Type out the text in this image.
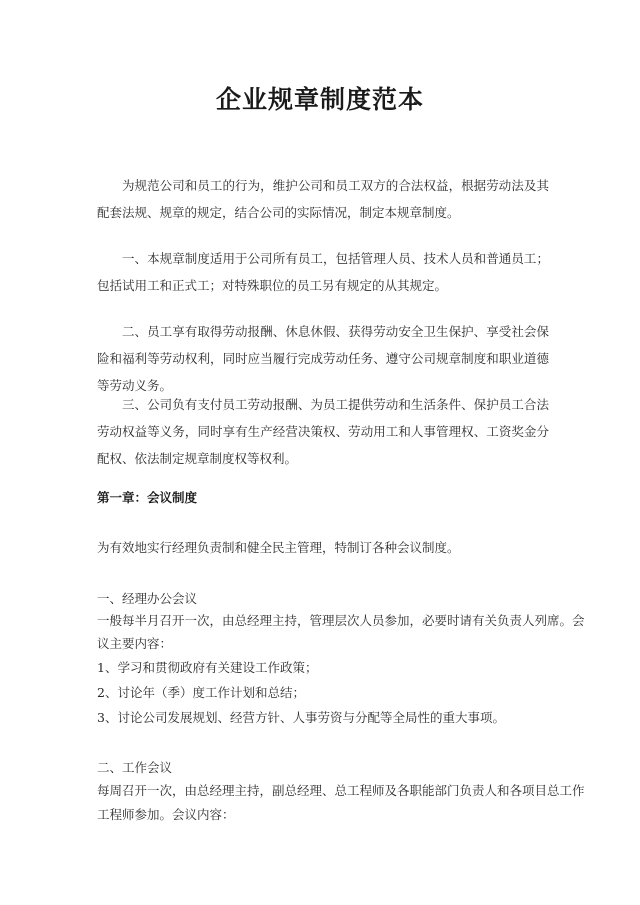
企业规章制度范本
为规范公司和员工的行为，维护公司和员工双方的合法权益，根据劳动法及其配套法规、规章的规定，结合公司的实际情况，制定本规章制度。
一、本规章制度适用于公司所有员工，包括管理人员、技术人员和普通员工；包括试用工和正式工；对特殊职位的员工另有规定的从其规定。
二、员工享有取得劳动报酬、休息休假、获得劳动安全卫生保护、享受社会保险和福利等劳动权利，同时应当履行完成劳动任务、遵守公司规章制度和职业道德等劳动义务。
三、公司负有支付员工劳动报酬、为员工提供劳动和生活条件、保护员工合法劳动权益等义务，同时享有生产经营决策权、劳动用工和人事管理权、工资奖金分配权、依法制定规章制度权等权利。
第一章：会议制度
为有效地实行经理负责制和健全民主管理，特制订各种会议制度。
一、经理办公会议
一般每半月召开一次，由总经理主持，管理层次人员参加，必要时请有关负责人列席。会
议主要内容：
1、学习和贯彻政府有关建设工作政策；
2、讨论年（季）度工作计划和总结；
3、讨论公司发展规划、经营方针、人事劳资与分配等全局性的重大事项。
二、工作会议
每周召开一次，由总经理主持，副总经理、总工程师及各职能部门负责人和各项目总工作
工程师参加。会议内容：
